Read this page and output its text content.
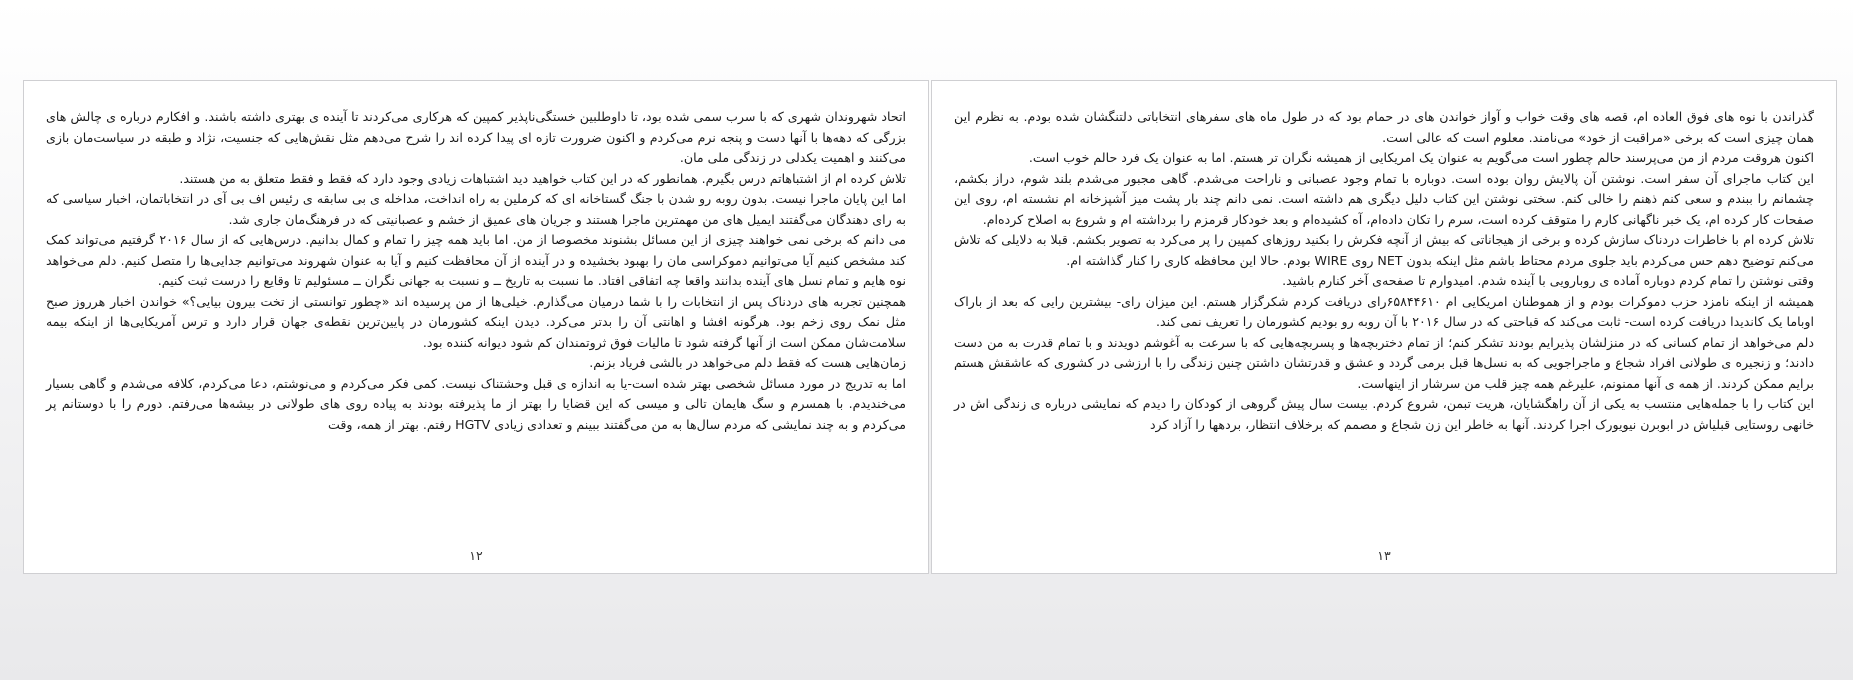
اتحاد شهروندان شهری که با سرب سمی شده بود، تا داوطلبین خستگی‌ناپذیر کمپین که هرکاری می‌کردند تا آینده ی بهتری داشته باشند. و افکارم درباره ی چالش های بزرگی که دهه‌ها با آنها دست و پنجه نرم می‌کردم و اکنون ضرورت تازه ای پیدا کرده اند را شرح می‌دهم مثل نقش‌هایی که جنسیت، نژاد و طبقه در سیاست‌مان بازی می‌کنند و اهمیت یکدلی در زندگی ملی مان.

تلاش کرده ام از اشتباهاتم درس بگیرم. همانطور که در این کتاب خواهید دید اشتباهات زیادی وجود دارد که فقط و فقط متعلق به من هستند.

اما این پایان ماجرا نیست. بدون روبه رو شدن با جنگ گستاخانه ای که کرملین به راه انداخت، مداخله ی بی سابقه ی رئیس اف بی آی در انتخاباتمان، اخبار سیاسی که به رای دهندگان می‌گفتند ایمیل های من مهمترین ماجرا هستند و جریان های عمیق از خشم و عصبانیتی که در فرهنگ‌مان جاری شد.

می دانم که برخی نمی خواهند چیزی از این مسائل بشنوند مخصوصا از من. اما باید همه چیز را تمام و کمال بدانیم. درس‌هایی که از سال ۲۰۱۶ گرفتیم می‌تواند کمک کند مشخص کنیم آیا می‌توانیم دموکراسی مان را بهبود بخشیده و در آینده از آن محافظت کنیم و آیا به عنوان شهروند می‌توانیم جدایی‌ها را متصل کنیم. دلم می‌خواهد نوه هایم و تمام نسل های آینده بدانند واقعا چه اتفاقی افتاد. ما نسبت به تاریخ ــ و نسبت به جهانی نگران ــ مسئولیم تا وقایع را درست ثبت کنیم.

همچنین تجربه های دردناک پس از انتخابات را با شما درمیان می‌گذارم. خیلی‌ها از من پرسیده اند «چطور توانستی از تخت بیرون بیایی؟» خواندن اخبار هرروز صبح مثل نمک روی زخم بود. هرگونه افشا و اهانتی آن را بدتر می‌کرد. دیدن اینکه کشورمان در پایین‌ترین نقطه‌ی جهان قرار دارد و ترس آمریکایی‌ها از اینکه بیمه سلامت‌شان ممکن است از آنها گرفته شود تا مالیات فوق ثروتمندان کم شود دیوانه کننده بود.

زمان‌هایی هست که فقط دلم می‌خواهد در بالشی فریاد بزنم.

اما به تدریج در مورد مسائل شخصی بهتر شده است-یا به اندازه ی قبل وحشتناک نیست. کمی فکر می‌کردم و می‌نوشتم، دعا می‌کردم، کلافه می‌شدم و گاهی بسیار می‌خندیدم. با همسرم و سگ هایمان تالی و میسی که این قضایا را بهتر از ما پذیرفته بودند به پیاده روی های طولانی در بیشه‌ها می‌رفتم. دورم را با دوستانم پر می‌کردم و به چند نمایشی که مردم سال‌ها به من می‌گفتند ببینم و تعدادی زیادی HGTV رفتم. بهتر از همه، وقت

۱۲

گذراندن با نوه های فوق العاده ام، قصه های وقت خواب و آواز خواندن های در حمام بود که در طول ماه های سفرهای انتخاباتی دلتنگشان شده بودم. به نظرم این همان چیزی است که برخی «مراقبت از خود» می‌نامند. معلوم است که عالی است.

اکنون هروقت مردم از من می‌پرسند حالم چطور است می‌گویم به عنوان یک امریکایی از همیشه نگران تر هستم. اما به عنوان یک فرد حالم خوب است.

این کتاب ماجرای آن سفر است. نوشتن آن پالایش روان بوده است. دوباره با تمام وجود عصبانی و ناراحت می‌شدم. گاهی مجبور می‌شدم بلند شوم، دراز بکشم، چشمانم را ببندم و سعی کنم ذهنم را خالی کنم. سختی نوشتن این کتاب دلیل دیگری هم داشته است. نمی دانم چند بار پشت میز آشپزخانه ام نشسته ام، روی این صفحات کار کرده ام، یک خبر ناگهانی کارم را متوقف کرده است، سرم را تکان داده‌ام، آه کشیده‌ام و بعد خودکار قرمزم را برداشته ام و شروع به اصلاح کرده‌ام.

تلاش کرده ام با خاطرات دردناک سازش کرده و برخی از هیجاناتی که بیش از آنچه فکرش را بکنید روزهای کمپین را پر می‌کرد به تصویر بکشم. قبلا به دلایلی که تلاش می‌کنم توضیح دهم حس می‌کردم باید جلوی مردم محتاط باشم مثل اینکه بدون NET روی WIRE بودم. حالا این محافظه کاری را کنار گذاشته ام.

وقتی نوشتن را تمام کردم دوباره آماده ی روبارویی با آینده شدم. امیدوارم تا صفحه‌ی آخر کنارم باشید.

همیشه از اینکه نامزد حزب دموکرات بودم و از هموطنان امریکایی ام ۶۵۸۴۴۶۱۰رای دریافت کردم شکرگزار هستم. این میزان رای- بیشترین رایی که بعد از باراک اوباما یک کاندیدا دریافت کرده است- ثابت می‌کند که قباحتی که در سال ۲۰۱۶ با آن روبه رو بودیم کشورمان را تعریف نمی کند.

دلم می‌خواهد از تمام کسانی که در منزلشان پذیرایم بودند تشکر کنم؛ از تمام دختربچه‌ها و پسربچه‌هایی که با سرعت به آغوشم دویدند و با تمام قدرت به من دست دادند؛ و زنجیره ی طولانی افراد شجاع و ماجراجویی که به نسل‌ها قبل برمی گردد و عشق و قدرتشان داشتن چنین زندگی را با ارزشی در کشوری که عاشقش هستم برایم ممکن کردند. از همه ی آنها ممنونم، علیرغم همه چیز قلب من سرشار از اینهاست.

این کتاب را با جمله‌هایی منتسب به یکی از آن راهگشایان، هریت تبمن، شروع کردم. بیست سال پیش گروهی از کودکان را دیدم که نمایشی درباره ی زندگی اش در خانهی روستایی قبلیاش در ابوبرن نیویورک اجرا کردند. آنها به خاطر این زن شجاع و مصمم که برخلاف انتظار، بردهها را آزاد کرد

۱۳
